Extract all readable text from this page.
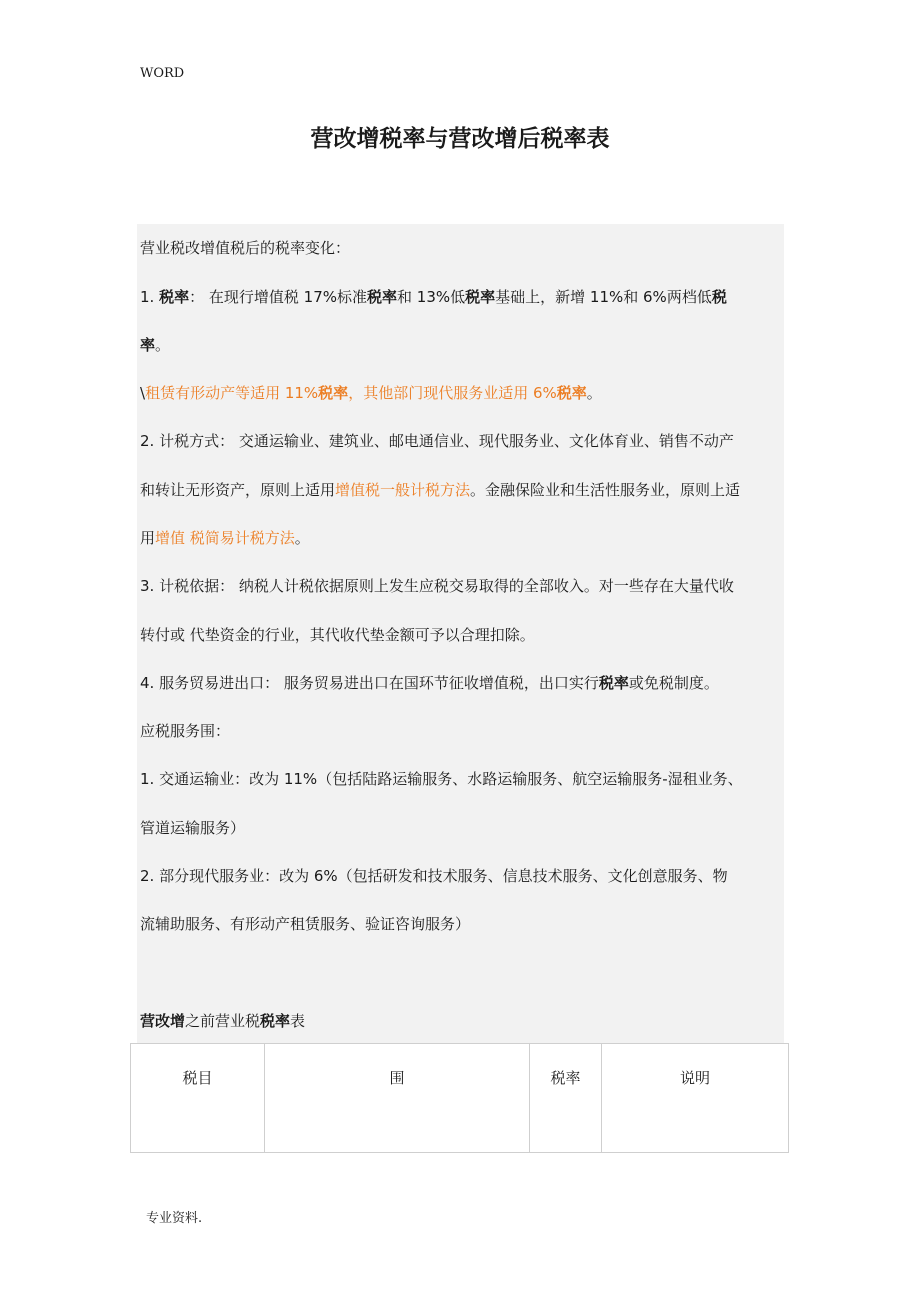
WORD
营改增税率与营改增后税率表
营业税改增值税后的税率变化：
1. 税率： 在现行增值税 17%标准税率和 13%低税率基础上，新增 11%和 6%两档低税
率。
\租赁有形动产等适用 11%税率，其他部门现代服务业适用 6%税率。
2. 计税方式： 交通运输业、建筑业、邮电通信业、现代服务业、文化体育业、销售不动产
和转让无形资产，原则上适用增值税一般计税方法。金融保险业和生活性服务业，原则上适
用增值 税简易计税方法。
3. 计税依据： 纳税人计税依据原则上发生应税交易取得的全部收入。对一些存在大量代收
转付或 代垫资金的行业，其代收代垫金额可予以合理扣除。
4. 服务贸易进出口： 服务贸易进出口在国环节征收增值税，出口实行税率或免税制度。
应税服务围：
1. 交通运输业：改为 11%（包括陆路运输服务、水路运输服务、航空运输服务-湿租业务、
管道运输服务）
2. 部分现代服务业：改为 6%（包括研发和技术服务、信息技术服务、文化创意服务、物
流辅助服务、有形动产租赁服务、验证咨询服务）
营改增之前营业税税率表
税目	围	税率	说明
专业资料.
